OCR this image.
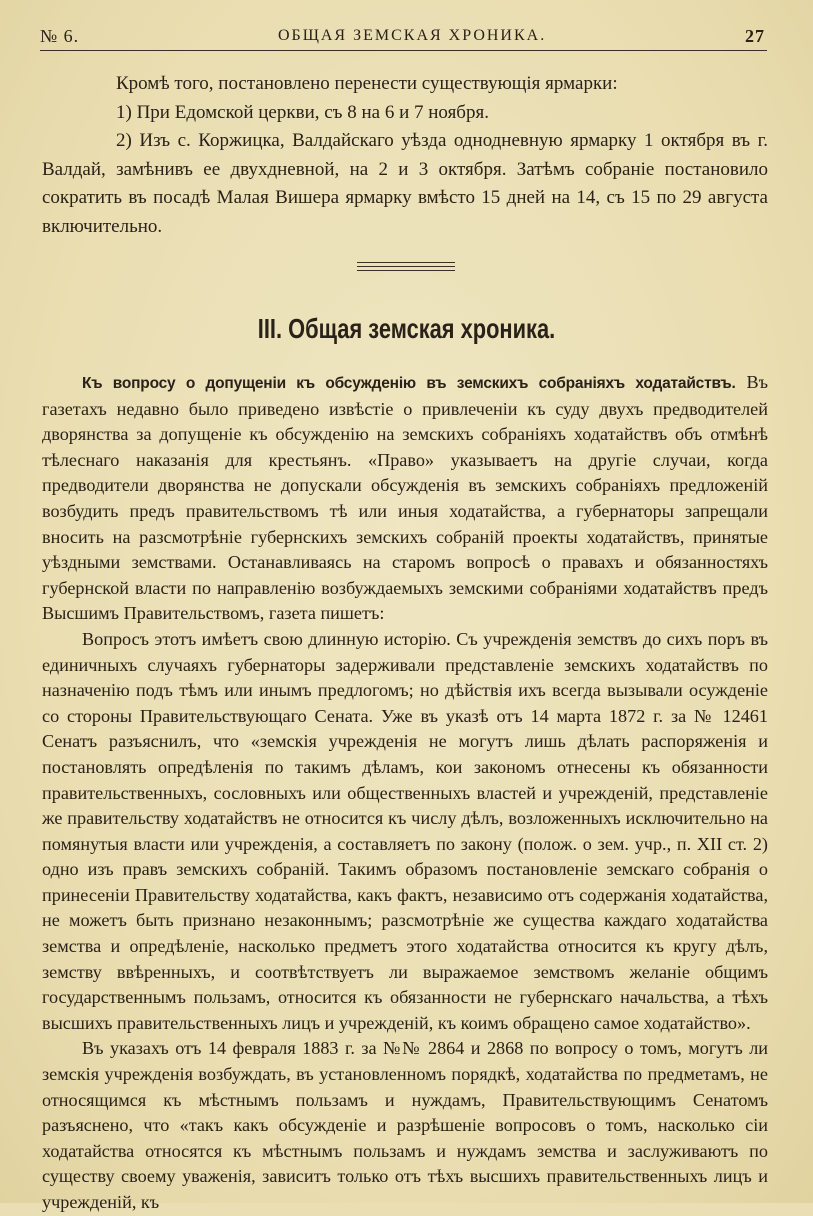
№ 6.	ОБЩАЯ ЗЕМСКАЯ ХРОНИКА.	27

Кромѣ того, постановлено перенести существующія ярмарки:

1) При Едомской церкви, съ 8 на 6 и 7 ноября.

2) Изъ с. Коржицка, Валдайскаго уѣзда однодневную ярмарку 1 октября въ г. Валдай, замѣнивъ ее двухдневной, на 2 и 3 октября. Затѣмъ собраніе постановило сократить въ посадѣ Малая Вишера ярмарку вмѣсто 15 дней на 14, съ 15 по 29 августа включительно.

III. Общая земская хроника.

Къ вопросу о допущеніи къ обсужденію въ земскихъ собраніяхъ ходатайствъ. Въ газетахъ недавно было приведено извѣстіе о привлеченіи къ суду двухъ предводителей дворянства за допущеніе къ обсужденію на земскихъ собраніяхъ ходатайствъ объ отмѣнѣ тѣлеснаго наказанія для крестьянъ. «Право» указываетъ на другіе случаи, когда предводители дворянства не допускали обсужденія въ земскихъ собраніяхъ предложеній возбудить предъ правительствомъ тѣ или иныя ходатайства, а губернаторы запрещали вносить на разсмотрѣніе губернскихъ земскихъ собраній проекты ходатайствъ, принятые уѣздными земствами. Останавливаясь на старомъ вопросѣ о правахъ и обязанностяхъ губернской власти по направленію возбуждаемыхъ земскими собраніями ходатайствъ предъ Высшимъ Правительствомъ, газета пишетъ:

Вопросъ этотъ имѣетъ свою длинную исторію. Съ учрежденія земствъ до сихъ поръ въ единичныхъ случаяхъ губернаторы задерживали представленіе земскихъ ходатайствъ по назначенію подъ тѣмъ или инымъ предлогомъ; но дѣйствія ихъ всегда вызывали осужденіе со стороны Правительствующаго Сената. Уже въ указѣ отъ 14 марта 1872 г. за № 12461 Сенатъ разъяснилъ, что «земскія учрежденія не могутъ лишь дѣлать распоряженія и постановлять опредѣленія по такимъ дѣламъ, кои закономъ отнесены къ обязанности правительственныхъ, сословныхъ или общественныхъ властей и учрежденій, представленіе же правительству ходатайствъ не относится къ числу дѣлъ, возложенныхъ исключительно на помянутыя власти или учрежденія, а составляетъ по закону (полож. о зем. учр., п. XII ст. 2) одно изъ правъ земскихъ собраній. Такимъ образомъ постановленіе земскаго собранія о принесеніи Правительству ходатайства, какъ фактъ, независимо отъ содержанія ходатайства, не можетъ быть признано незаконнымъ; разсмотрѣніе же существа каждаго ходатайства земства и опредѣленіе, насколько предметъ этого ходатайства относится къ кругу дѣлъ, земству ввѣренныхъ, и соотвѣтствуетъ ли выражаемое земствомъ желаніе общимъ государственнымъ пользамъ, относится къ обязанности не губернскаго начальства, а тѣхъ высшихъ правительственныхъ лицъ и учрежденій, къ коимъ обращено самое ходатайство».

Въ указахъ отъ 14 февраля 1883 г. за №№ 2864 и 2868 по вопросу о томъ, могутъ ли земскія учрежденія возбуждать, въ установленномъ порядкѣ, ходатайства по предметамъ, не относящимся къ мѣстнымъ пользамъ и нуждамъ, Правительствующимъ Сенатомъ разъяснено, что «такъ какъ обсужденіе и разрѣшеніе вопросовъ о томъ, насколько сіи ходатайства относятся къ мѣстнымъ пользамъ и нуждамъ земства и заслуживаютъ по существу своему уваженія, зависитъ только отъ тѣхъ высшихъ правительственныхъ лицъ и учрежденій, къ
